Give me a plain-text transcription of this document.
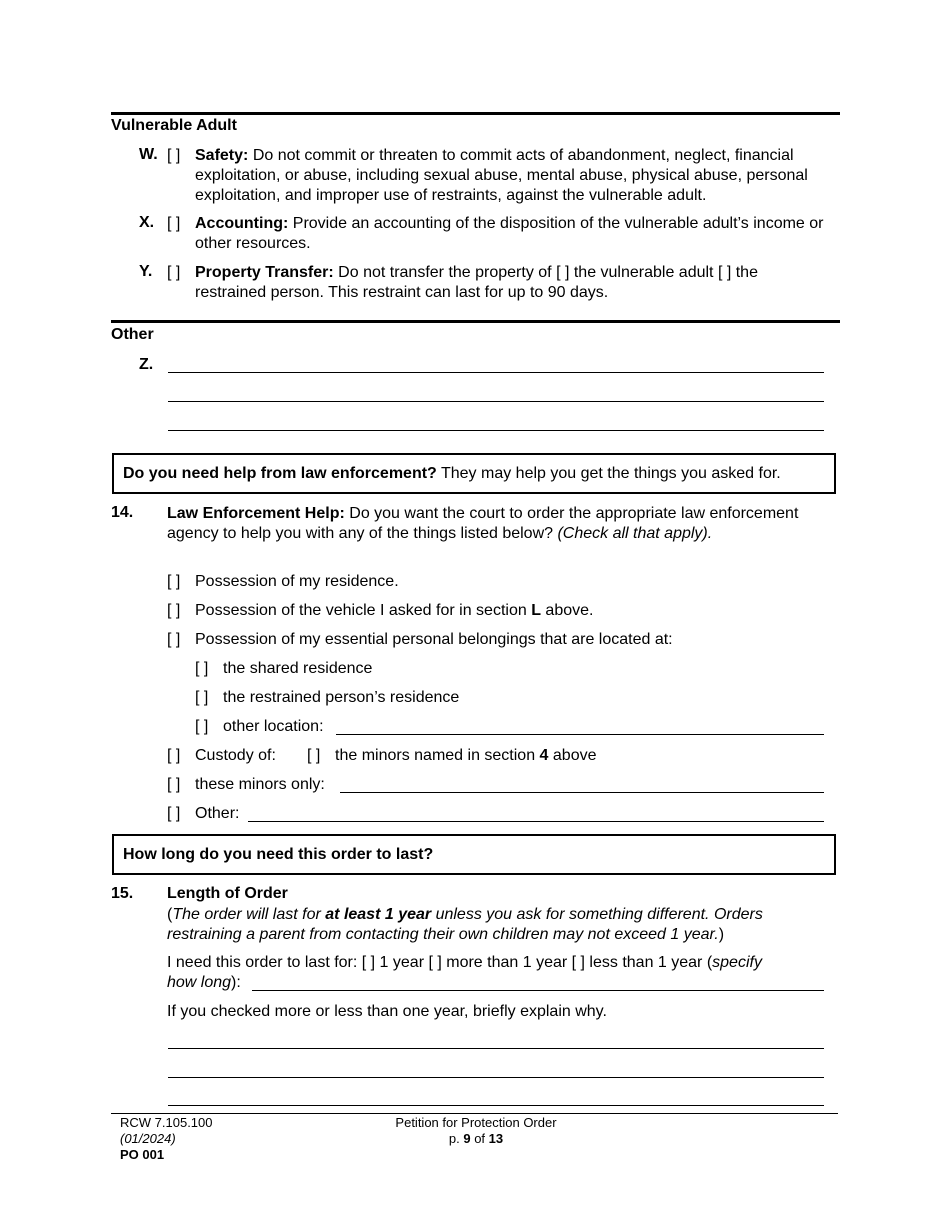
Vulnerable Adult
W. [ ] Safety: Do not commit or threaten to commit acts of abandonment, neglect, financial exploitation, or abuse, including sexual abuse, mental abuse, physical abuse, personal exploitation, and improper use of restraints, against the vulnerable adult.
X. [ ] Accounting: Provide an accounting of the disposition of the vulnerable adult’s income or other resources.
Y. [ ] Property Transfer: Do not transfer the property of [ ] the vulnerable adult [ ] the restrained person. This restraint can last for up to 90 days.
Other
Z.
Do you need help from law enforcement? They may help you get the things you asked for.
14. Law Enforcement Help: Do you want the court to order the appropriate law enforcement agency to help you with any of the things listed below? (Check all that apply).
[ ] Possession of my residence.
[ ] Possession of the vehicle I asked for in section L above.
[ ] Possession of my essential personal belongings that are located at:
[ ] the shared residence
[ ] the restrained person’s residence
[ ] other location:
[ ] Custody of: [ ] the minors named in section 4 above
[ ] these minors only:
[ ] Other:
How long do you need this order to last?
15. Length of Order
(The order will last for at least 1 year unless you ask for something different. Orders restraining a parent from contacting their own children may not exceed 1 year.)
I need this order to last for: [ ] 1 year [ ] more than 1 year [ ] less than 1 year (specify
how long):
If you checked more or less than one year, briefly explain why.
RCW 7.105.100
(01/2024)
PO 001
Petition for Protection Order
p. 9 of 13
